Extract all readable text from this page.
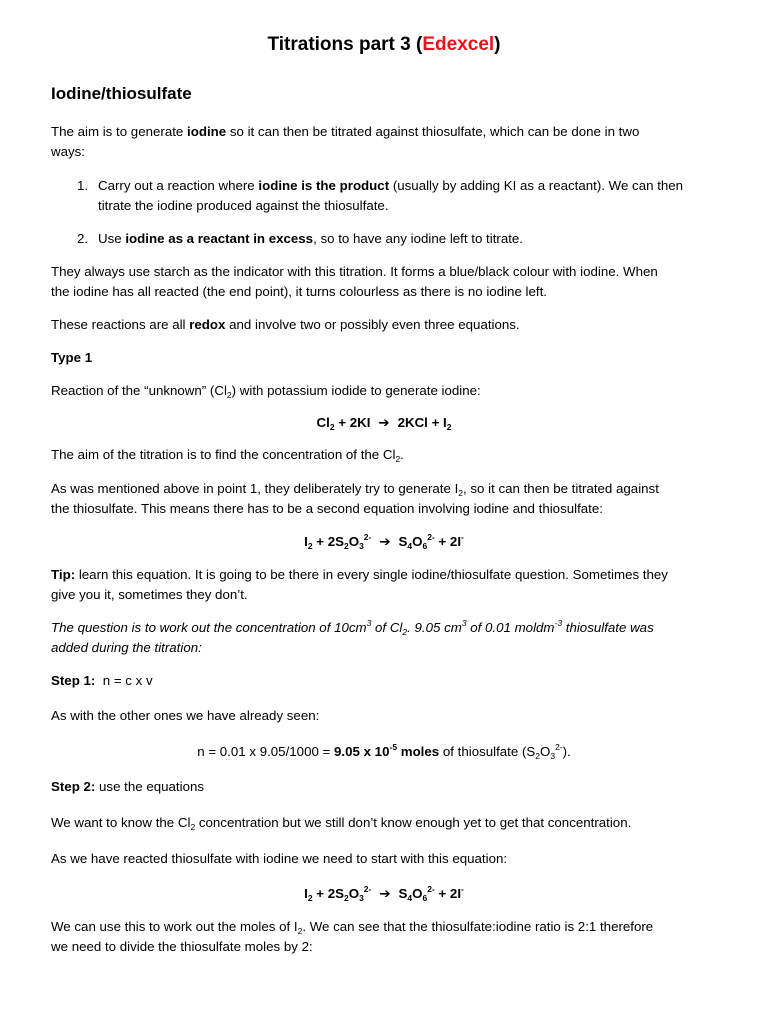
Titrations part 3 (Edexcel)
Iodine/thiosulfate
The aim is to generate iodine so it can then be titrated against thiosulfate, which can be done in two
ways:
1. Carry out a reaction where iodine is the product (usually by adding KI as a reactant). We can then
titrate the iodine produced against the thiosulfate.
2. Use iodine as a reactant in excess, so to have any iodine left to titrate.
They always use starch as the indicator with this titration. It forms a blue/black colour with iodine. When
the iodine has all reacted (the end point), it turns colourless as there is no iodine left.
These reactions are all redox and involve two or possibly even three equations.
Type 1
Reaction of the “unknown” $(Cl_2)$ with potassium iodide to generate iodine:
$Cl_2 + 2KI$ ➔ $2KCl + I_2$
The aim of the titration is to find the concentration of the $Cl_2$.
As was mentioned above in point 1, they deliberately try to generate $I_2$, so it can then be titrated against
the thiosulfate. This means there has to be a second equation involving iodine and thiosulfate:
$I_2 + 2S_2O_3^{2-}$ ➔ $S_4O_6^{2-} + 2I^-$
Tip: learn this equation. It is going to be there in every single iodine/thiosulfate question. Sometimes they
give you it, sometimes they don’t.
The question is to work out the concentration of $10cm^3$ of $Cl_2$. 9.05 $cm^3$ of 0.01 moldm$^{-3}$ thiosulfate was
added during the titration:
Step 1:  n = c x v
As with the other ones we have already seen:
n = 0.01 x 9.05/1000 = 9.05 x $10^{-5}$ moles of thiosulfate $(S_2O_3^{2-})$.
Step 2: use the equations
We want to know the $Cl_2$ concentration but we still don’t know enough yet to get that concentration.
As we have reacted thiosulfate with iodine we need to start with this equation:
$I_2 + 2S_2O_3^{2-}$ ➔ $S_4O_6^{2-} + 2I^-$
We can use this to work out the moles of $I_2$. We can see that the thiosulfate:iodine ratio is 2:1 therefore
we need to divide the thiosulfate moles by 2:
